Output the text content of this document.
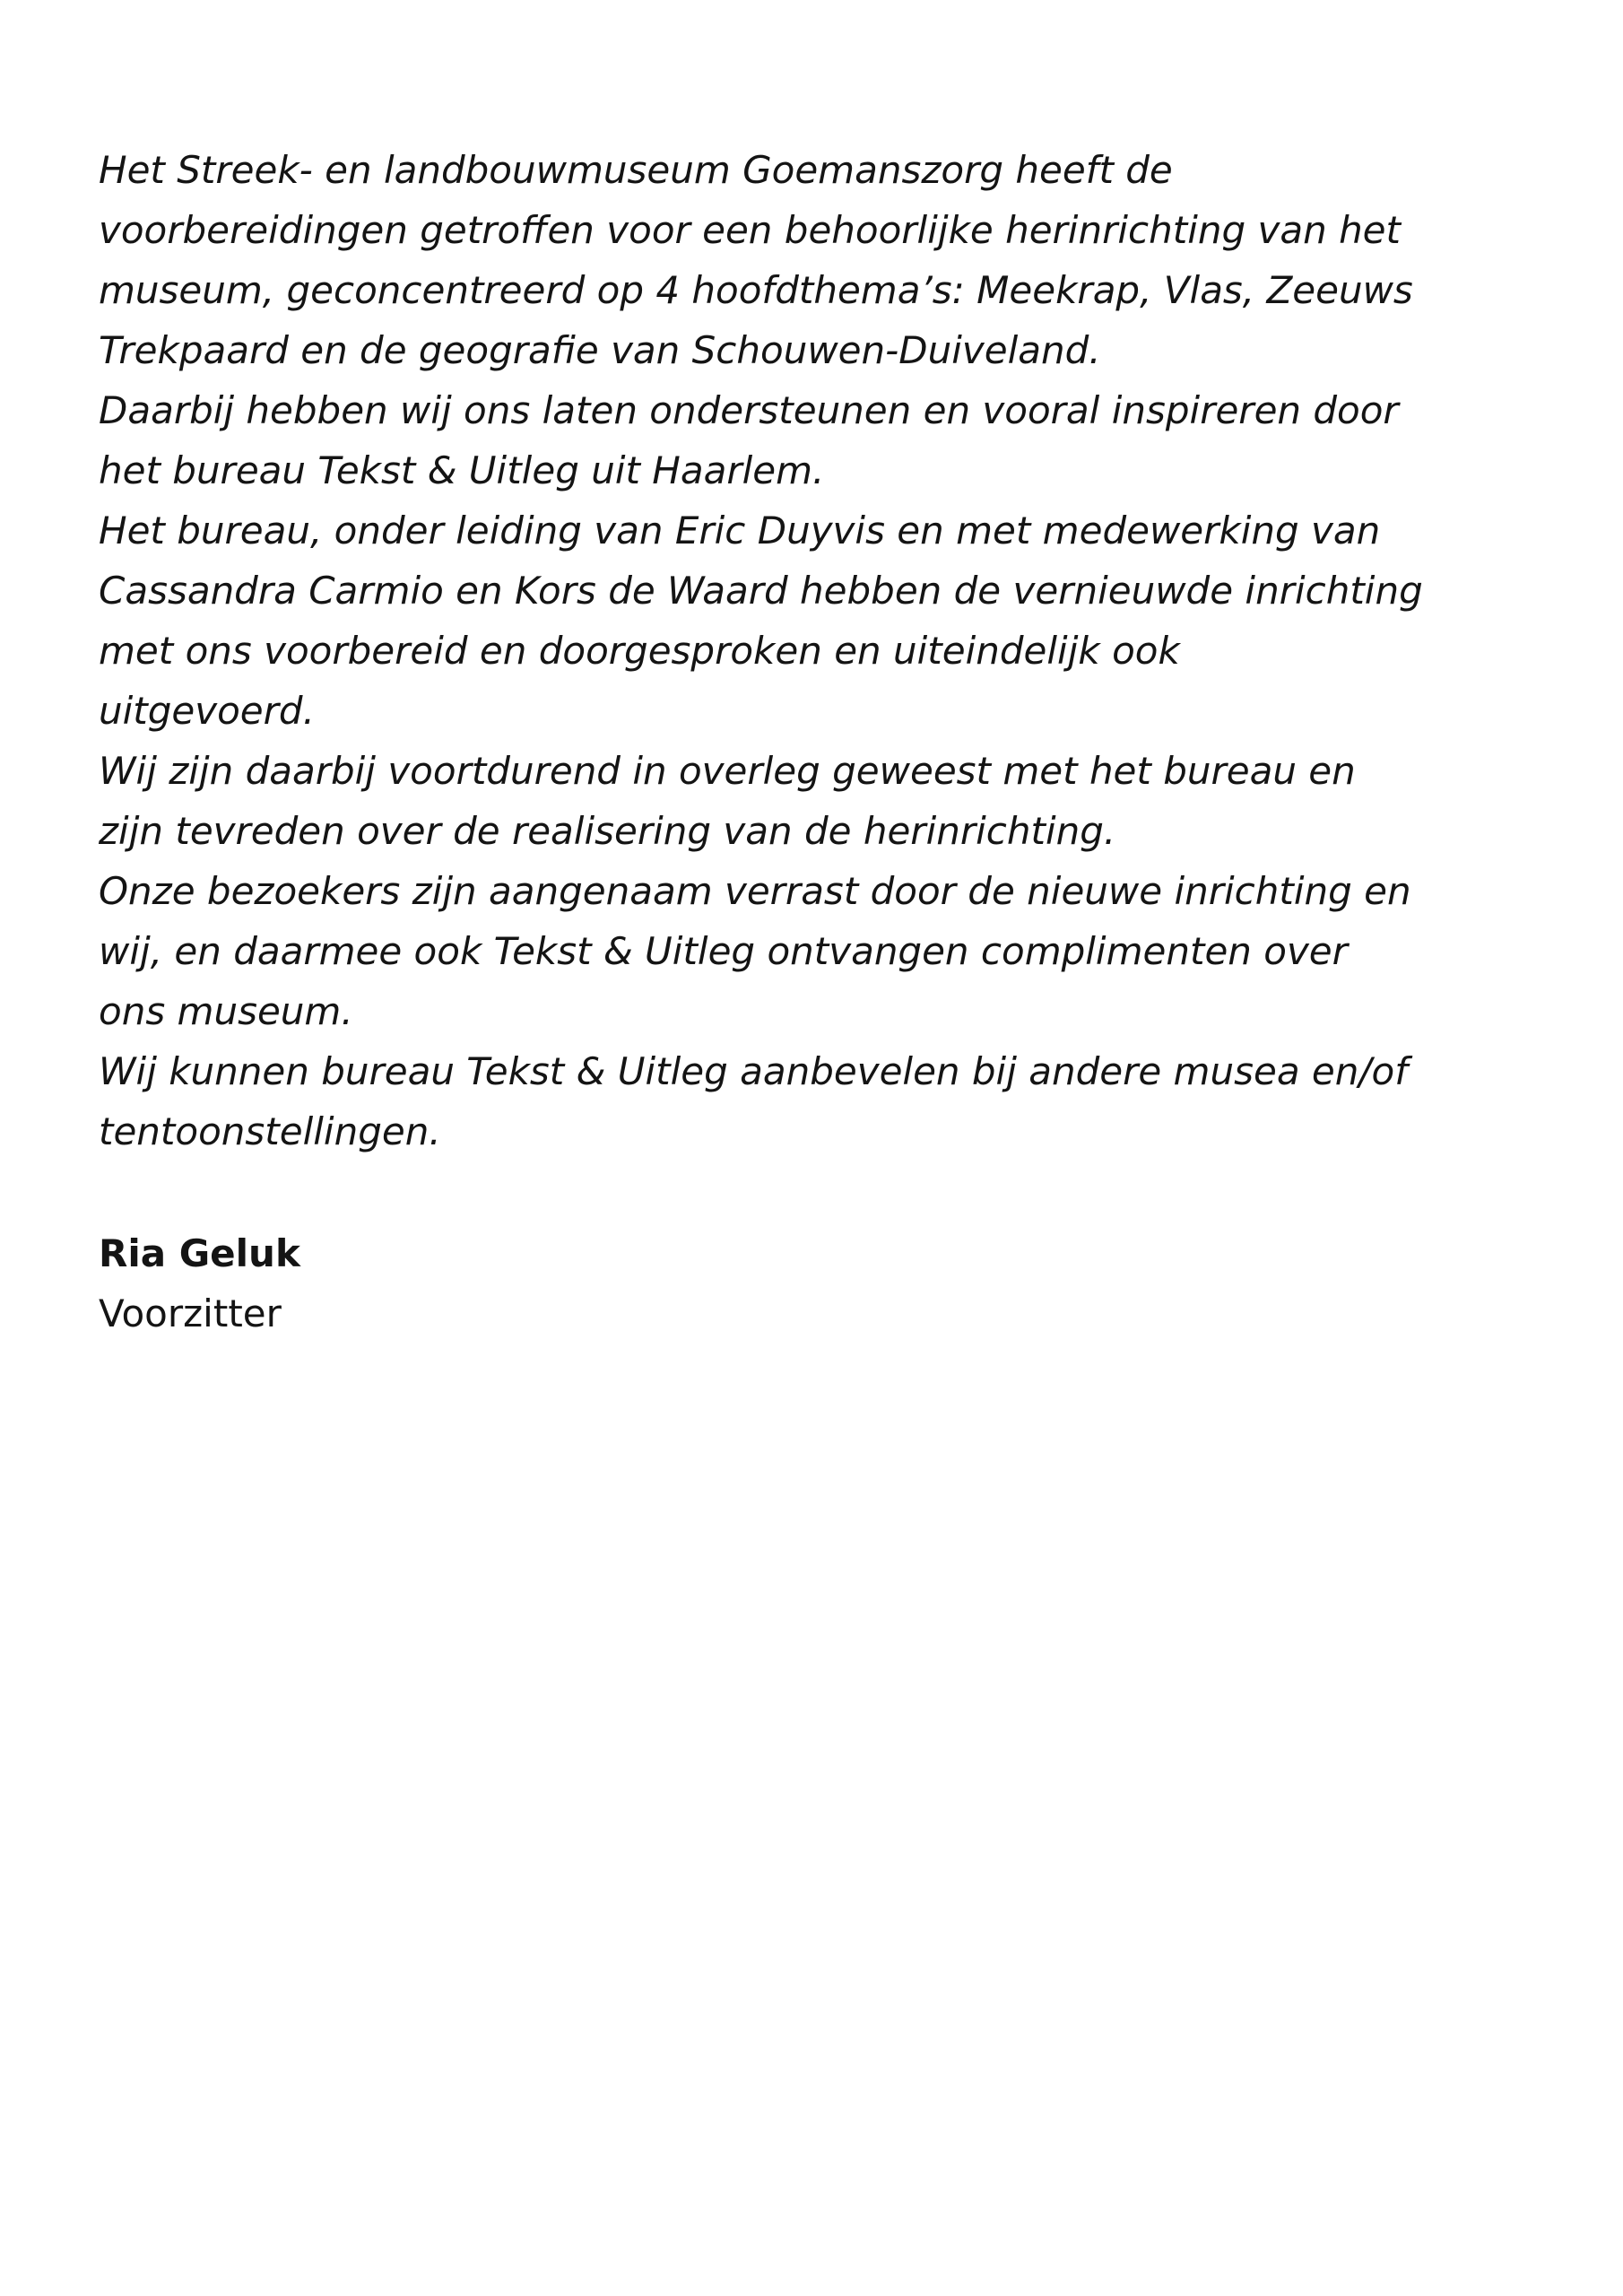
Het Streek- en landbouwmuseum Goemanszorg heeft de
voorbereidingen getroffen voor een behoorlijke herinrichting van het
museum, geconcentreerd op 4 hoofdthema’s: Meekrap, Vlas, Zeeuws
Trekpaard en de geografie van Schouwen-Duiveland.
Daarbij hebben wij ons laten ondersteunen en vooral inspireren door
het bureau Tekst & Uitleg uit Haarlem.
Het bureau, onder leiding van Eric Duyvis en met medewerking van
Cassandra Carmio en Kors de Waard hebben de vernieuwde inrichting
met ons voorbereid en doorgesproken en uiteindelijk ook
uitgevoerd.
Wij zijn daarbij voortdurend in overleg geweest met het bureau en
zijn tevreden over de realisering van de herinrichting.
Onze bezoekers zijn aangenaam verrast door de nieuwe inrichting en
wij, en daarmee ook Tekst & Uitleg ontvangen complimenten over
ons museum.
Wij kunnen bureau Tekst & Uitleg aanbevelen bij andere musea en/of
tentoonstellingen.
Ria Geluk
Voorzitter
